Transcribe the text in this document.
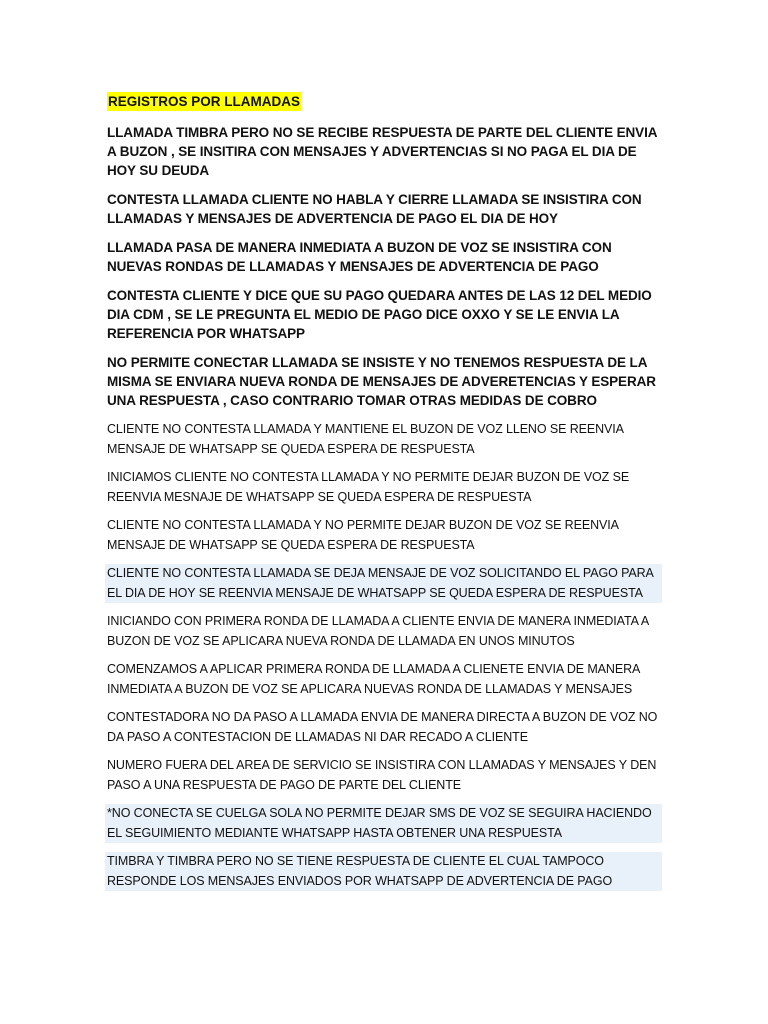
REGISTROS POR LLAMADAS

LLAMADA TIMBRA PERO NO SE RECIBE RESPUESTA DE PARTE DEL CLIENTE ENVIA A BUZON , SE INSITIRA CON MENSAJES Y ADVERTENCIAS SI NO PAGA EL DIA DE HOY SU DEUDA

CONTESTA LLAMADA CLIENTE NO HABLA Y CIERRE LLAMADA SE INSISTIRA CON LLAMADAS Y MENSAJES DE ADVERTENCIA DE PAGO EL DIA DE HOY

LLAMADA PASA DE MANERA INMEDIATA A BUZON DE VOZ SE INSISTIRA CON NUEVAS RONDAS DE LLAMADAS Y MENSAJES DE ADVERTENCIA DE PAGO

CONTESTA CLIENTE Y DICE QUE SU PAGO QUEDARA ANTES DE LAS 12 DEL MEDIO DIA CDM , SE LE PREGUNTA EL MEDIO DE PAGO DICE OXXO Y SE LE ENVIA LA REFERENCIA POR WHATSAPP

NO PERMITE CONECTAR LLAMADA SE INSISTE Y NO TENEMOS RESPUESTA DE LA MISMA SE ENVIARA NUEVA RONDA DE MENSAJES DE ADVERETENCIAS Y ESPERAR UNA RESPUESTA , CASO CONTRARIO TOMAR OTRAS MEDIDAS DE COBRO

CLIENTE NO CONTESTA LLAMADA Y MANTIENE EL BUZON DE VOZ LLENO SE REENVIA MENSAJE DE WHATSAPP SE QUEDA ESPERA DE RESPUESTA

INICIAMOS CLIENTE NO CONTESTA LLAMADA Y NO PERMITE DEJAR BUZON DE VOZ SE REENVIA MESNAJE DE WHATSAPP SE QUEDA ESPERA DE RESPUESTA

CLIENTE NO CONTESTA LLAMADA Y NO PERMITE DEJAR BUZON DE VOZ SE REENVIA MENSAJE DE WHATSAPP SE QUEDA ESPERA DE RESPUESTA

CLIENTE NO CONTESTA LLAMADA SE DEJA MENSAJE DE VOZ SOLICITANDO EL PAGO PARA EL DIA DE HOY SE REENVIA MENSAJE DE WHATSAPP SE QUEDA ESPERA DE RESPUESTA

INICIANDO CON PRIMERA RONDA DE LLAMADA A CLIENTE ENVIA DE MANERA INMEDIATA A BUZON DE VOZ SE APLICARA NUEVA RONDA DE LLAMADA EN UNOS MINUTOS

COMENZAMOS A APLICAR PRIMERA RONDA DE LLAMADA A CLIENETE ENVIA DE MANERA INMEDIATA A BUZON DE VOZ SE APLICARA NUEVAS RONDA DE LLAMADAS Y MENSAJES

CONTESTADORA NO DA PASO A LLAMADA ENVIA DE MANERA DIRECTA A BUZON DE VOZ NO DA PASO A CONTESTACION DE LLAMADAS NI DAR RECADO A CLIENTE

NUMERO FUERA DEL AREA DE SERVICIO SE INSISTIRA CON LLAMADAS Y MENSAJES Y DEN PASO A UNA RESPUESTA DE PAGO DE PARTE DEL CLIENTE

*NO CONECTA SE CUELGA SOLA NO PERMITE DEJAR SMS DE VOZ SE SEGUIRA HACIENDO EL SEGUIMIENTO MEDIANTE WHATSAPP HASTA OBTENER UNA RESPUESTA

TIMBRA Y TIMBRA PERO NO SE TIENE RESPUESTA DE CLIENTE EL CUAL TAMPOCO RESPONDE LOS MENSAJES ENVIADOS POR WHATSAPP DE ADVERTENCIA DE PAGO
